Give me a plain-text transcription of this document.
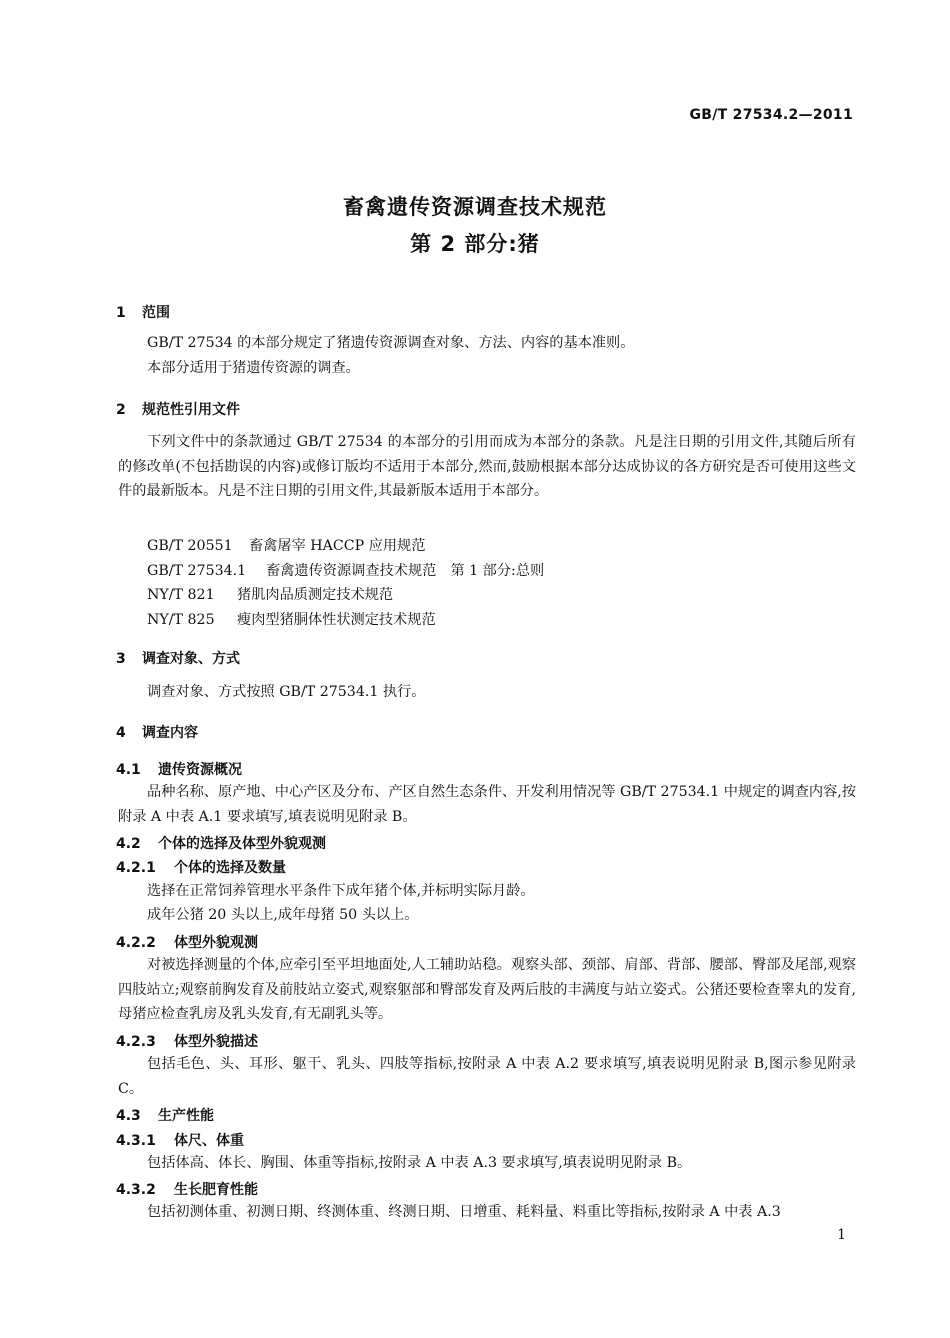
GB/T 27534.2—2011
畜禽遗传资源调查技术规范
第 2 部分:猪
1 范围
GB/T 27534 的本部分规定了猪遗传资源调查对象、方法、内容的基本准则。
本部分适用于猪遗传资源的调查。
2 规范性引用文件
下列文件中的条款通过 GB/T 27534 的本部分的引用而成为本部分的条款。凡是注日期的引用文件,其随后所有的修改单(不包括勘误的内容)或修订版均不适用于本部分,然而,鼓励根据本部分达成协议的各方研究是否可使用这些文件的最新版本。凡是不注日期的引用文件,其最新版本适用于本部分。
GB/T 20551 畜禽屠宰 HACCP 应用规范
GB/T 27534.1 畜禽遗传资源调查技术规范　第 1 部分:总则
NY/T 821 猪肌肉品质测定技术规范
NY/T 825 瘦肉型猪胴体性状测定技术规范
3 调查对象、方式
调查对象、方式按照 GB/T 27534.1 执行。
4 调查内容
4.1 遗传资源概况
品种名称、原产地、中心产区及分布、产区自然生态条件、开发利用情况等 GB/T 27534.1 中规定的调查内容,按附录 A 中表 A.1 要求填写,填表说明见附录 B。
4.2 个体的选择及体型外貌观测
4.2.1 个体的选择及数量
选择在正常饲养管理水平条件下成年猪个体,并标明实际月龄。
成年公猪 20 头以上,成年母猪 50 头以上。
4.2.2 体型外貌观测
对被选择测量的个体,应牵引至平坦地面处,人工辅助站稳。观察头部、颈部、肩部、背部、腰部、臀部及尾部,观察四肢站立;观察前胸发育及前肢站立姿式,观察躯部和臀部发育及两后肢的丰满度与站立姿式。公猪还要检查睾丸的发育,母猪应检查乳房及乳头发育,有无副乳头等。
4.2.3 体型外貌描述
包括毛色、头、耳形、躯干、乳头、四肢等指标,按附录 A 中表 A.2 要求填写,填表说明见附录 B,图示参见附录 C。
4.3 生产性能
4.3.1 体尺、体重
包括体高、体长、胸围、体重等指标,按附录 A 中表 A.3 要求填写,填表说明见附录 B。
4.3.2 生长肥育性能
包括初测体重、初测日期、终测体重、终测日期、日增重、耗料量、料重比等指标,按附录 A 中表 A.3
1
